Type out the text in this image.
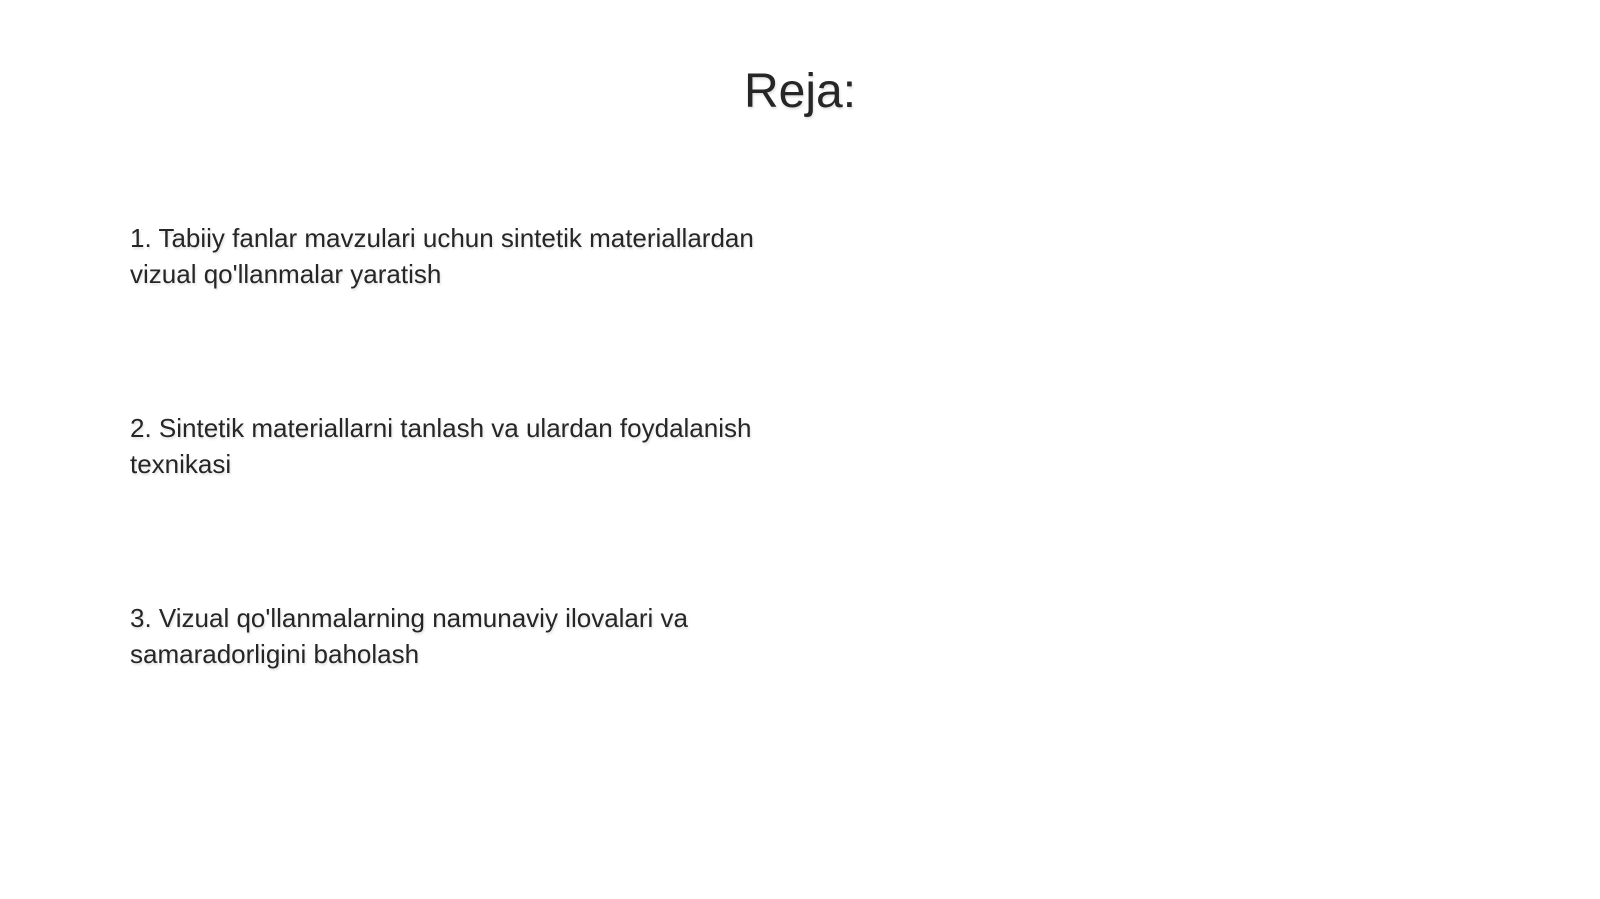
Reja:
1. Tabiiy fanlar mavzulari uchun sintetik materiallardan vizual qo'llanmalar yaratish
2. Sintetik materiallarni tanlash va ulardan foydalanish texnikasi
3. Vizual qo'llanmalarning namunaviy ilovalari va samaradorligini baholash
